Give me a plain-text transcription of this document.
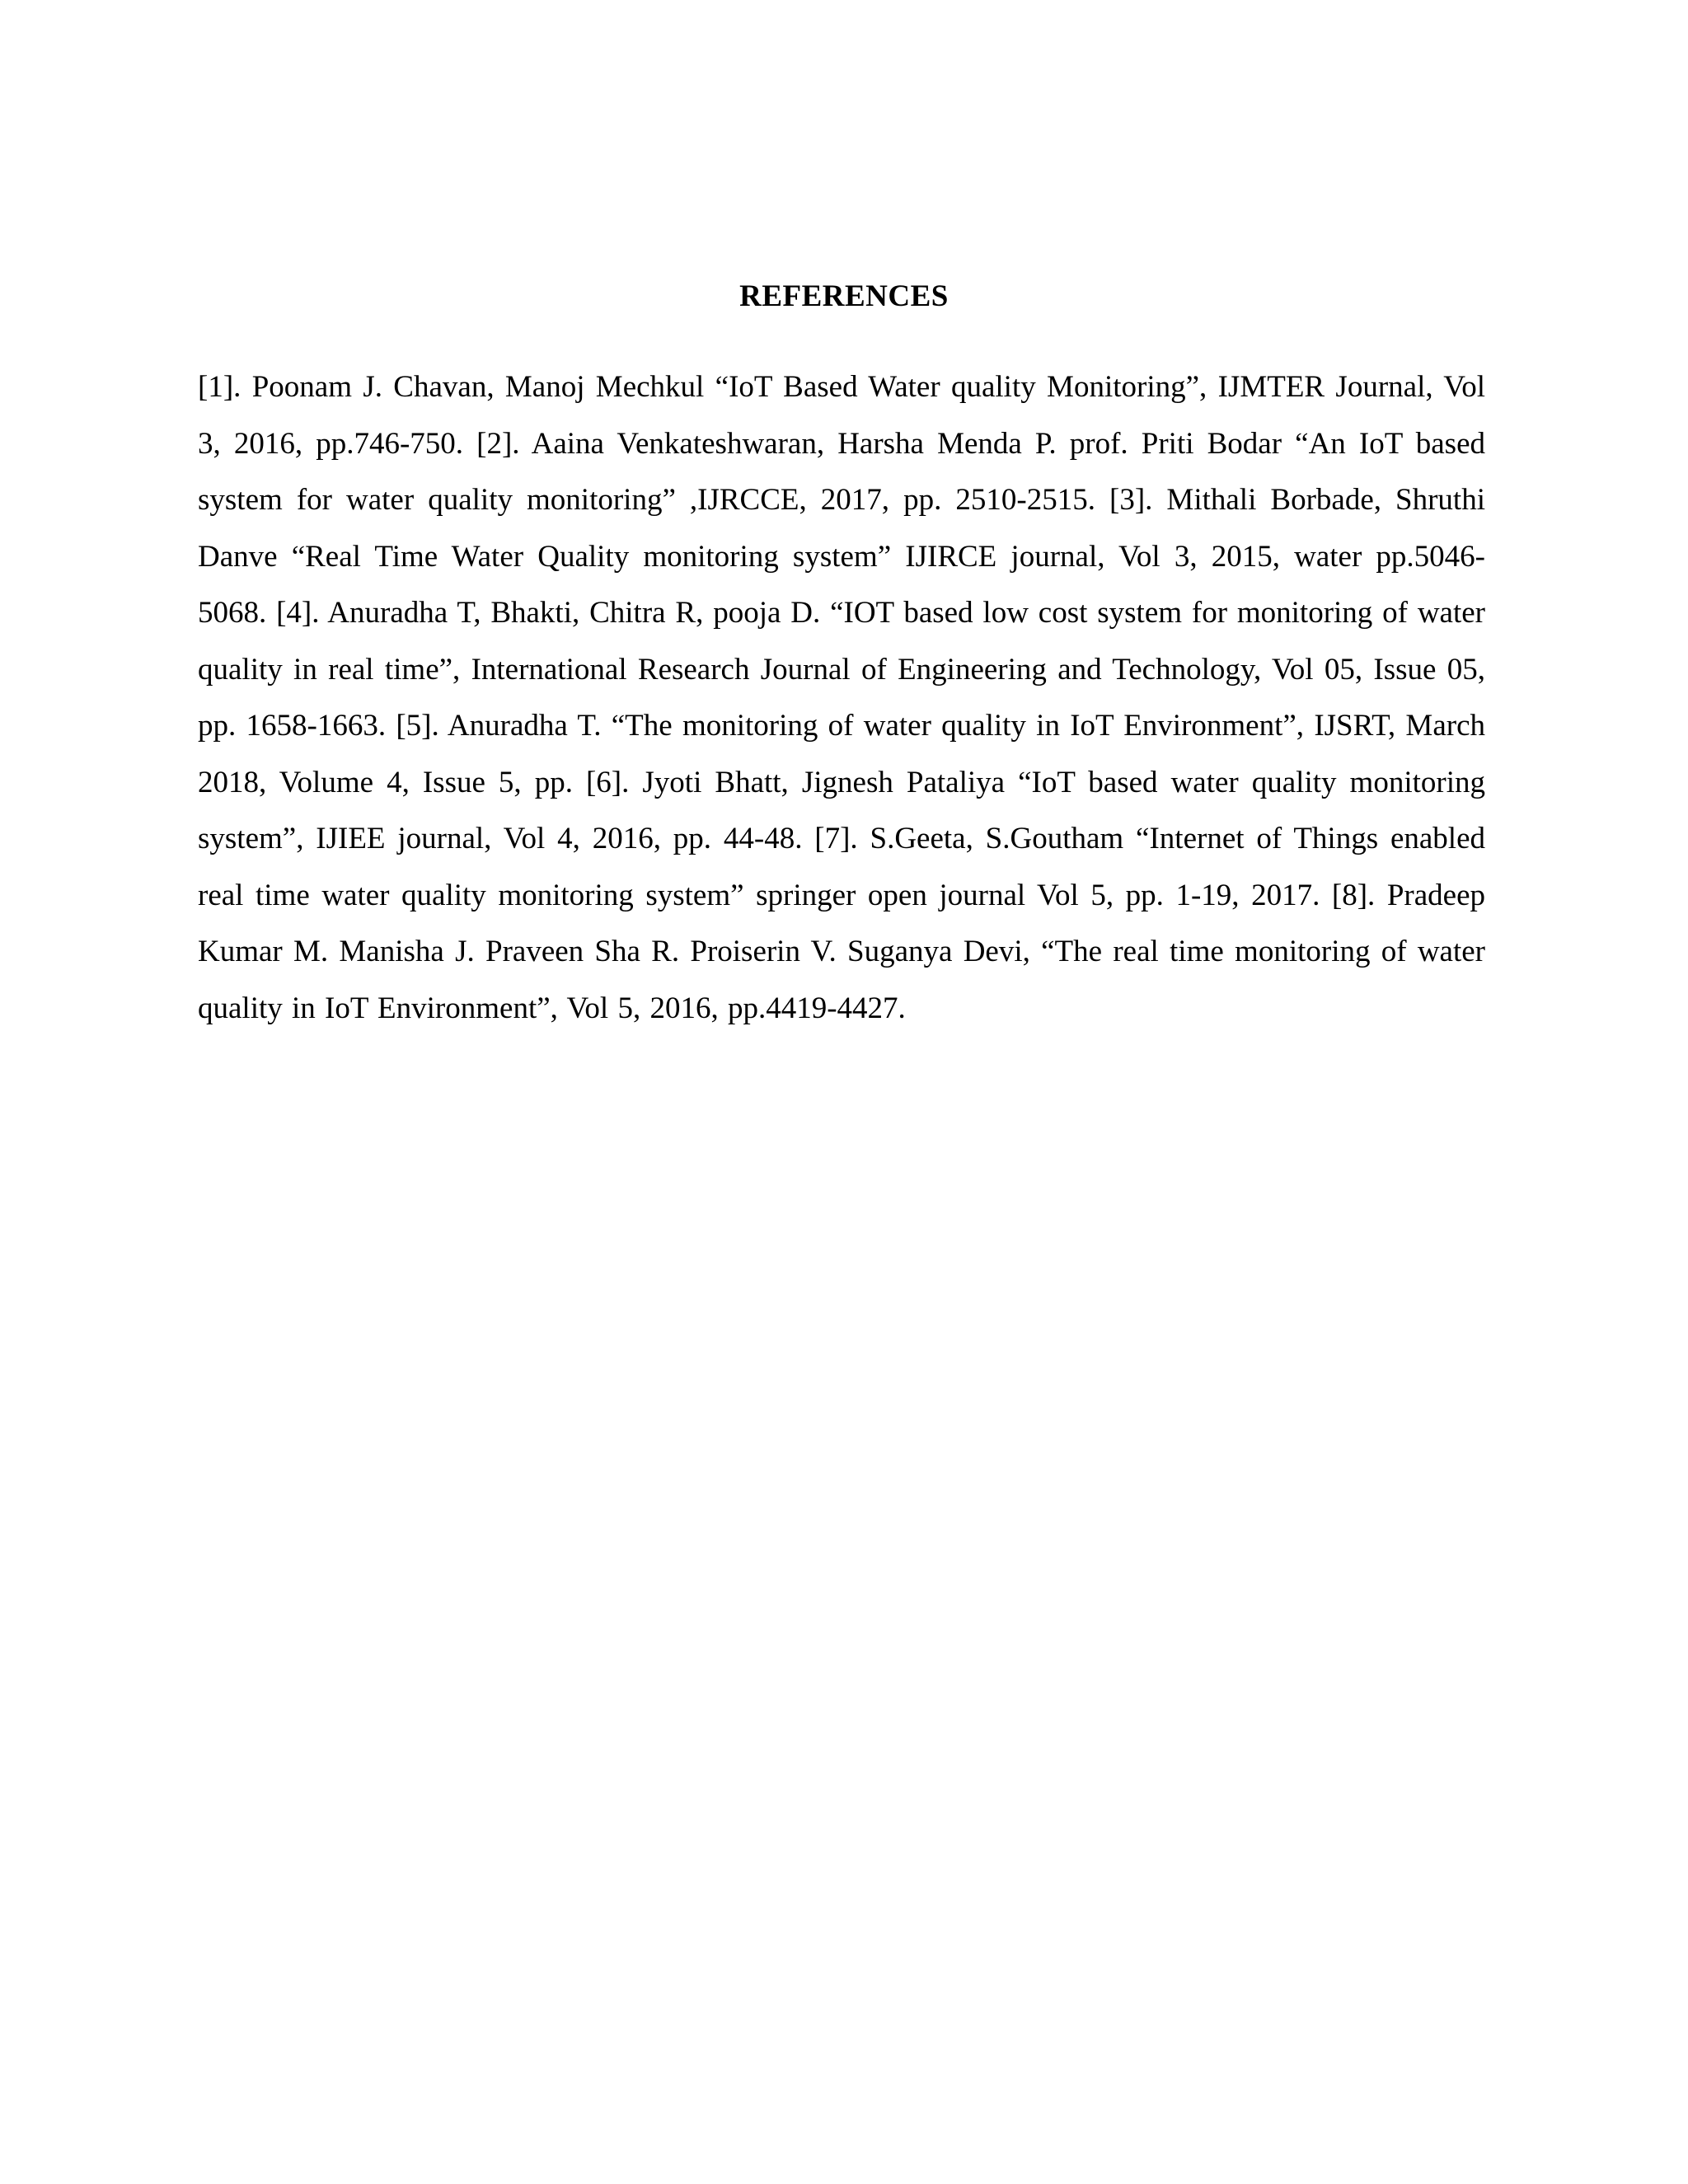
REFERENCES
[1]. Poonam J. Chavan, Manoj Mechkul “IoT Based Water quality Monitoring”, IJMTER Journal, Vol 3, 2016, pp.746-750. [2]. Aaina Venkateshwaran, Harsha Menda P. prof. Priti Bodar “An IoT based system for water quality monitoring” ,IJRCCE, 2017, pp. 2510-2515. [3]. Mithali Borbade, Shruthi Danve “Real Time Water Quality monitoring system” IJIRCE journal, Vol 3, 2015, water pp.5046- 5068. [4]. Anuradha T, Bhakti, Chitra R, pooja D. “IOT based low cost system for monitoring of water quality in real time”, International Research Journal of Engineering and Technology, Vol 05, Issue 05, pp. 1658-1663. [5]. Anuradha T. “The monitoring of water quality in IoT Environment”, IJSRT, March 2018, Volume 4, Issue 5, pp. [6]. Jyoti Bhatt, Jignesh Pataliya “IoT based water quality monitoring system”, IJIEE journal, Vol 4, 2016, pp. 44-48. [7]. S.Geeta, S.Goutham “Internet of Things enabled real time water quality monitoring system” springer open journal Vol 5, pp. 1-19, 2017. [8]. Pradeep Kumar M. Manisha J. Praveen Sha R. Proiserin V. Suganya Devi, “The real time monitoring of water quality in IoT Environment”, Vol 5, 2016, pp.4419-4427.
